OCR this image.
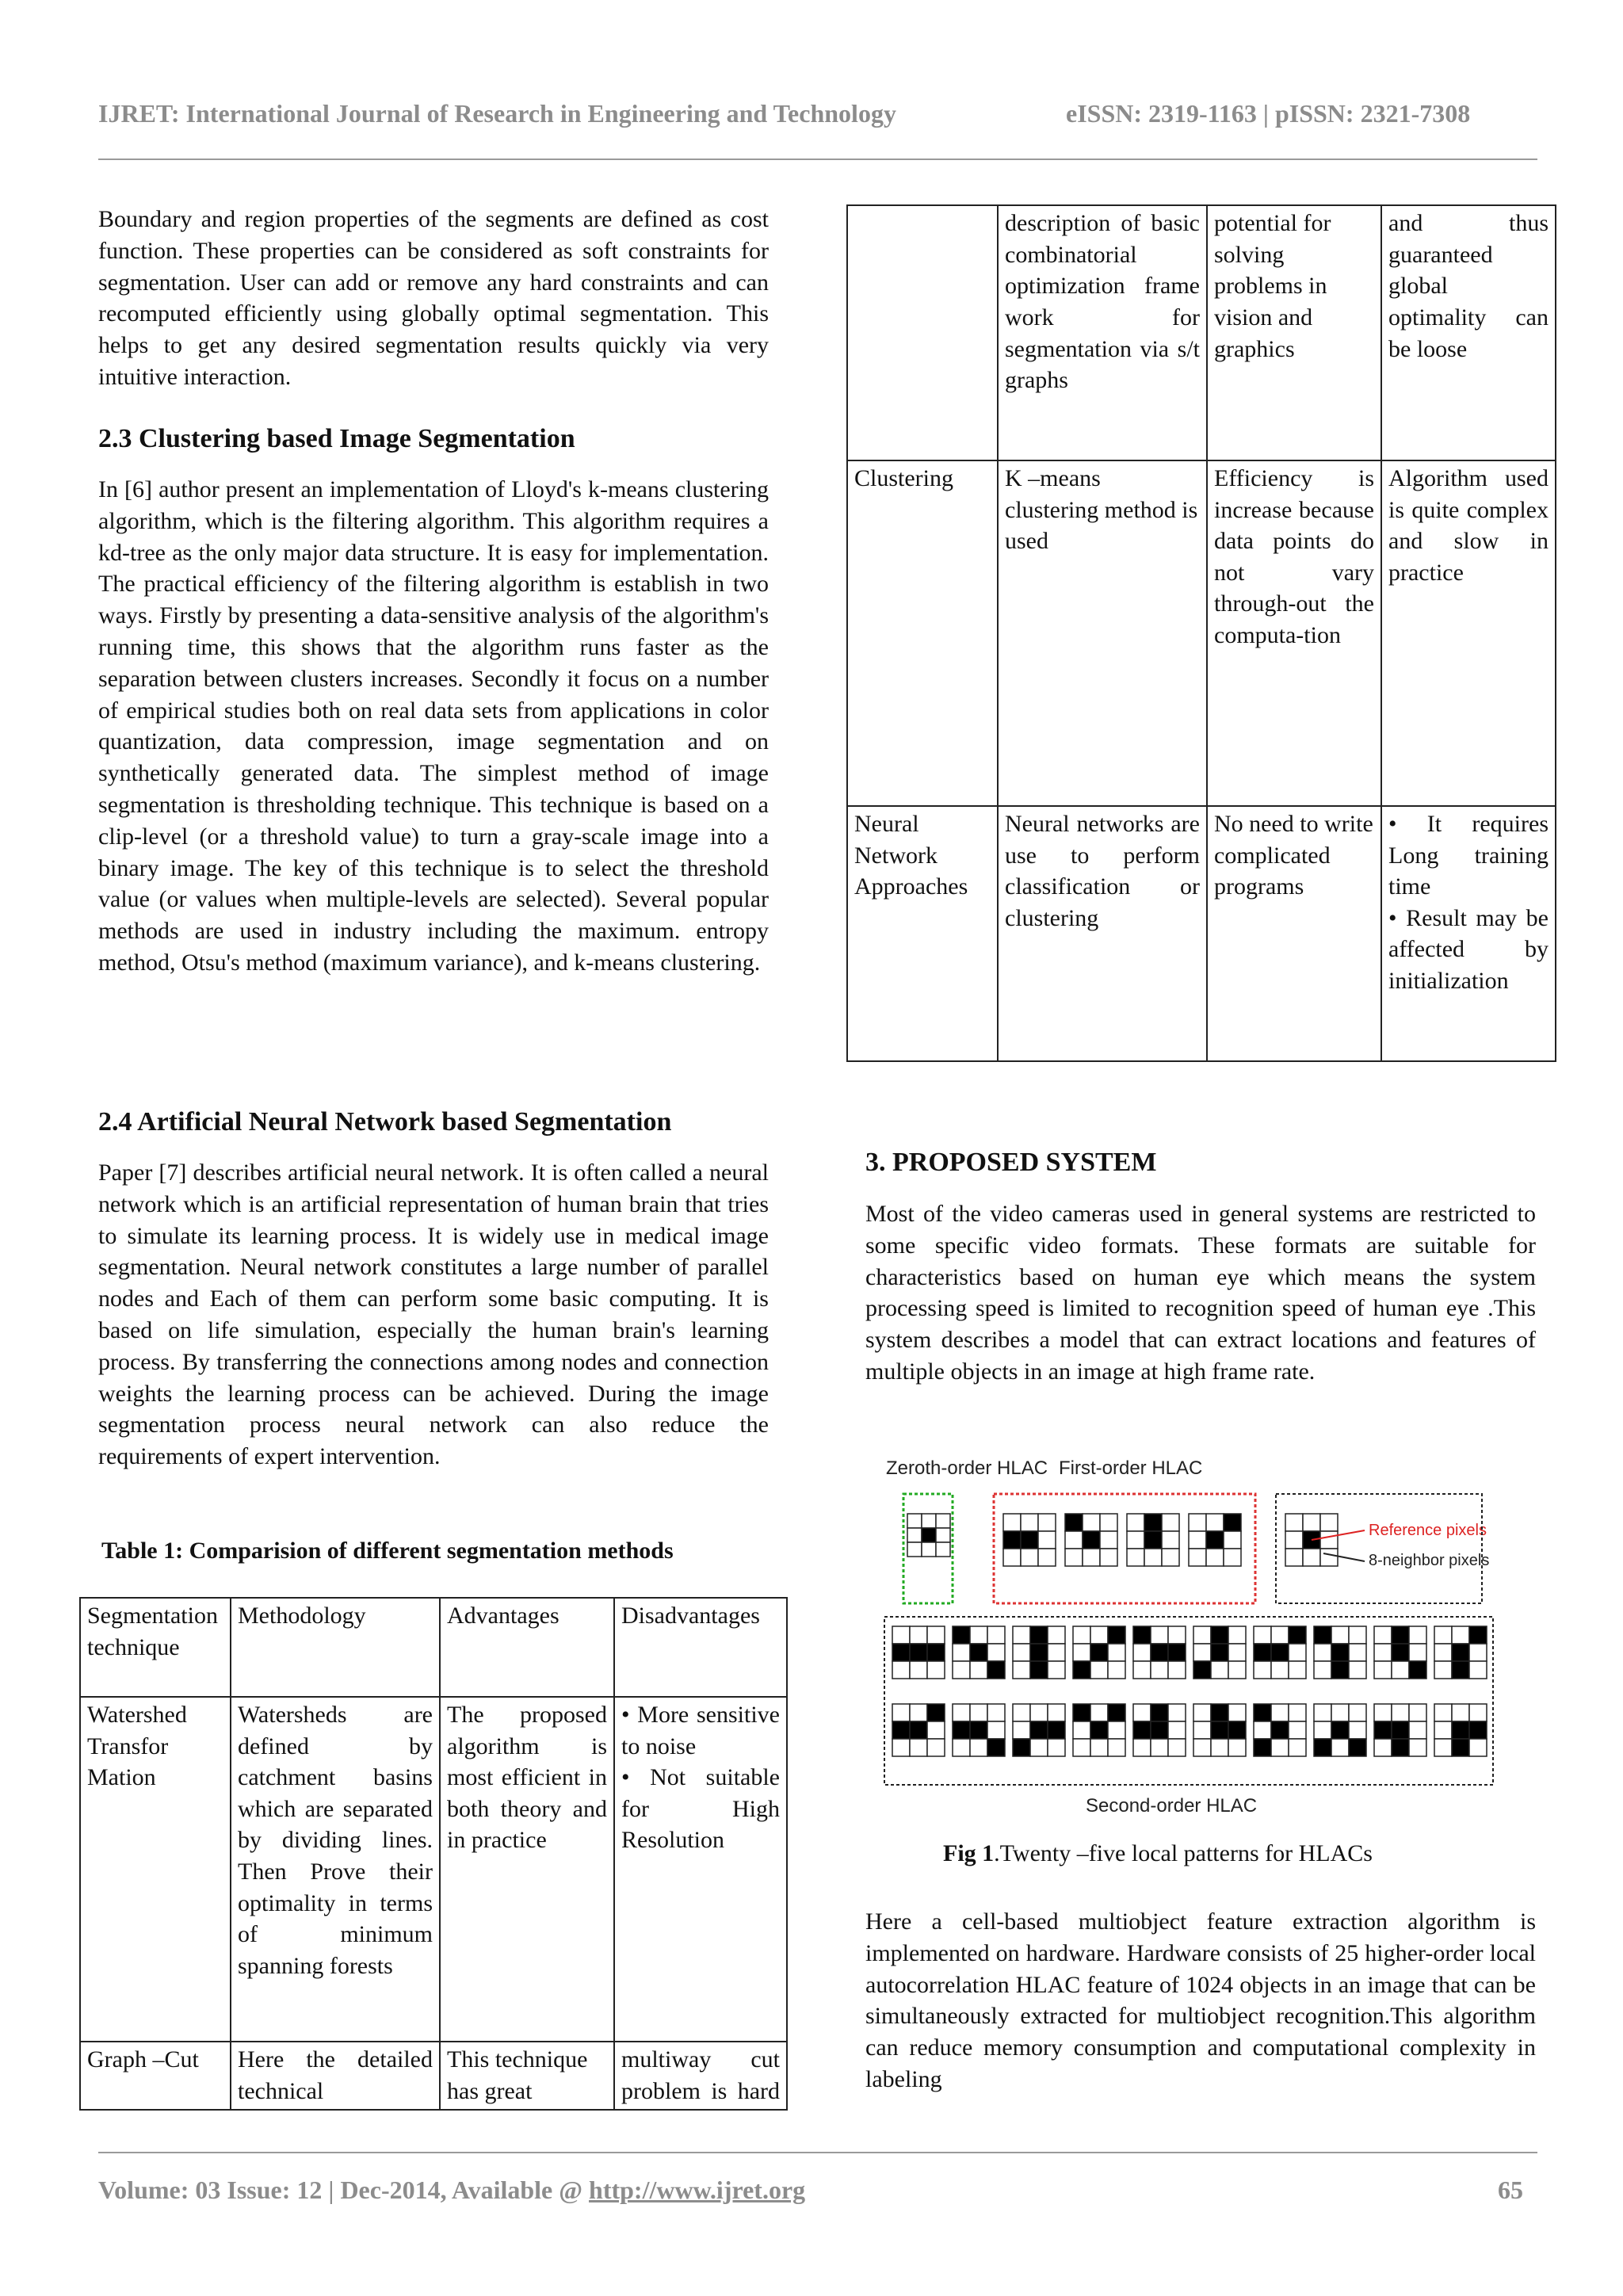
IJRET: International Journal of Research in Engineering and Technology	eISSN: 2319-1163 | pISSN: 2321-7308

Boundary and region properties of the segments are defined as cost function. These properties can be considered as soft constraints for segmentation. User can add or remove any hard constraints and can recomputed efficiently using globally optimal segmentation. This helps to get any desired segmentation results quickly via very intuitive interaction.

2.3 Clustering based Image Segmentation

In [6] author present an implementation of Lloyd's k-means clustering algorithm, which is the filtering algorithm. This algorithm requires a kd-tree as the only major data structure. It is easy for implementation. The practical efficiency of the filtering algorithm is establish in two ways. Firstly by presenting a data-sensitive analysis of the algorithm's running time, this shows that the algorithm runs faster as the separation between clusters increases. Secondly it focus on a number of empirical studies both on real data sets from applications in color quantization, data compression, image segmentation and on synthetically generated data. The simplest method of image segmentation is thresholding technique. This technique is based on a clip-level (or a threshold value) to turn a gray-scale image into a binary image. The key of this technique is to select the threshold value (or values when multiple-levels are selected). Several popular methods are used in industry including the maximum. entropy method, Otsu's method (maximum variance), and k-means clustering.

2.4 Artificial Neural Network based Segmentation

Paper [7] describes artificial neural network. It is often called a neural network which is an artificial representation of human brain that tries to simulate its learning process. It is widely use in medical image segmentation. Neural network constitutes a large number of parallel nodes and Each of them can perform some basic computing. It is based on life simulation, especially the human brain's learning process. By transferring the connections among nodes and connection weights the learning process can be achieved. During the image segmentation process neural network can also reduce the requirements of expert intervention.

Table 1: Comparision of different segmentation methods
Segmentation technique	Methodology	Advantages	Disadvantages
Watershed Transfor Mation	Watersheds are defined by catchment basins which are separated by dividing lines. Then Prove their optimality in terms of minimum spanning forests	The proposed algorithm is most efficient in both theory and in practice	• More sensitive to noise
• Not suitable for High Resolution

Graph –Cut	Here the detailed technical	This technique has great	multiway cut problem is hard

	description of basic combinatorial optimization frame work for segmentation via s/t graphs	potential for solving problems in vision and graphics	and thus guaranteed global optimality can be loose

Clustering	K –means clustering method is used	Efficiency is increase because data points do not vary through-out the computa-tion	Algorithm used is quite complex and slow in practice
Neural Network Approaches	Neural networks are use to perform classification or clustering	No need to write complicated programs	• It requires Long training time
• Result may be affected by initialization
3. PROPOSED SYSTEM

Most of the video cameras used in general systems are restricted to some specific video formats. These formats are suitable for characteristics based on human eye which means the system processing speed is limited to recognition speed of human eye .This system describes a model that can extract locations and features of multiple objects in an image at high frame rate.

Zeroth-order HLAC First-order HLAC
Reference pixels
8-neighbor pixels
Second-order HLAC
Fig 1.Twenty –five local patterns for HLACs

Here a cell-based multiobject feature extraction algorithm is implemented on hardware. Hardware consists of 25 higher-order local autocorrelation HLAC feature of 1024 objects in an image that can be simultaneously extracted for multiobject recognition.This algorithm can reduce memory consumption and computational complexity in labeling

Volume: 03 Issue: 12 | Dec-2014, Available @ http://www.ijret.org	65
